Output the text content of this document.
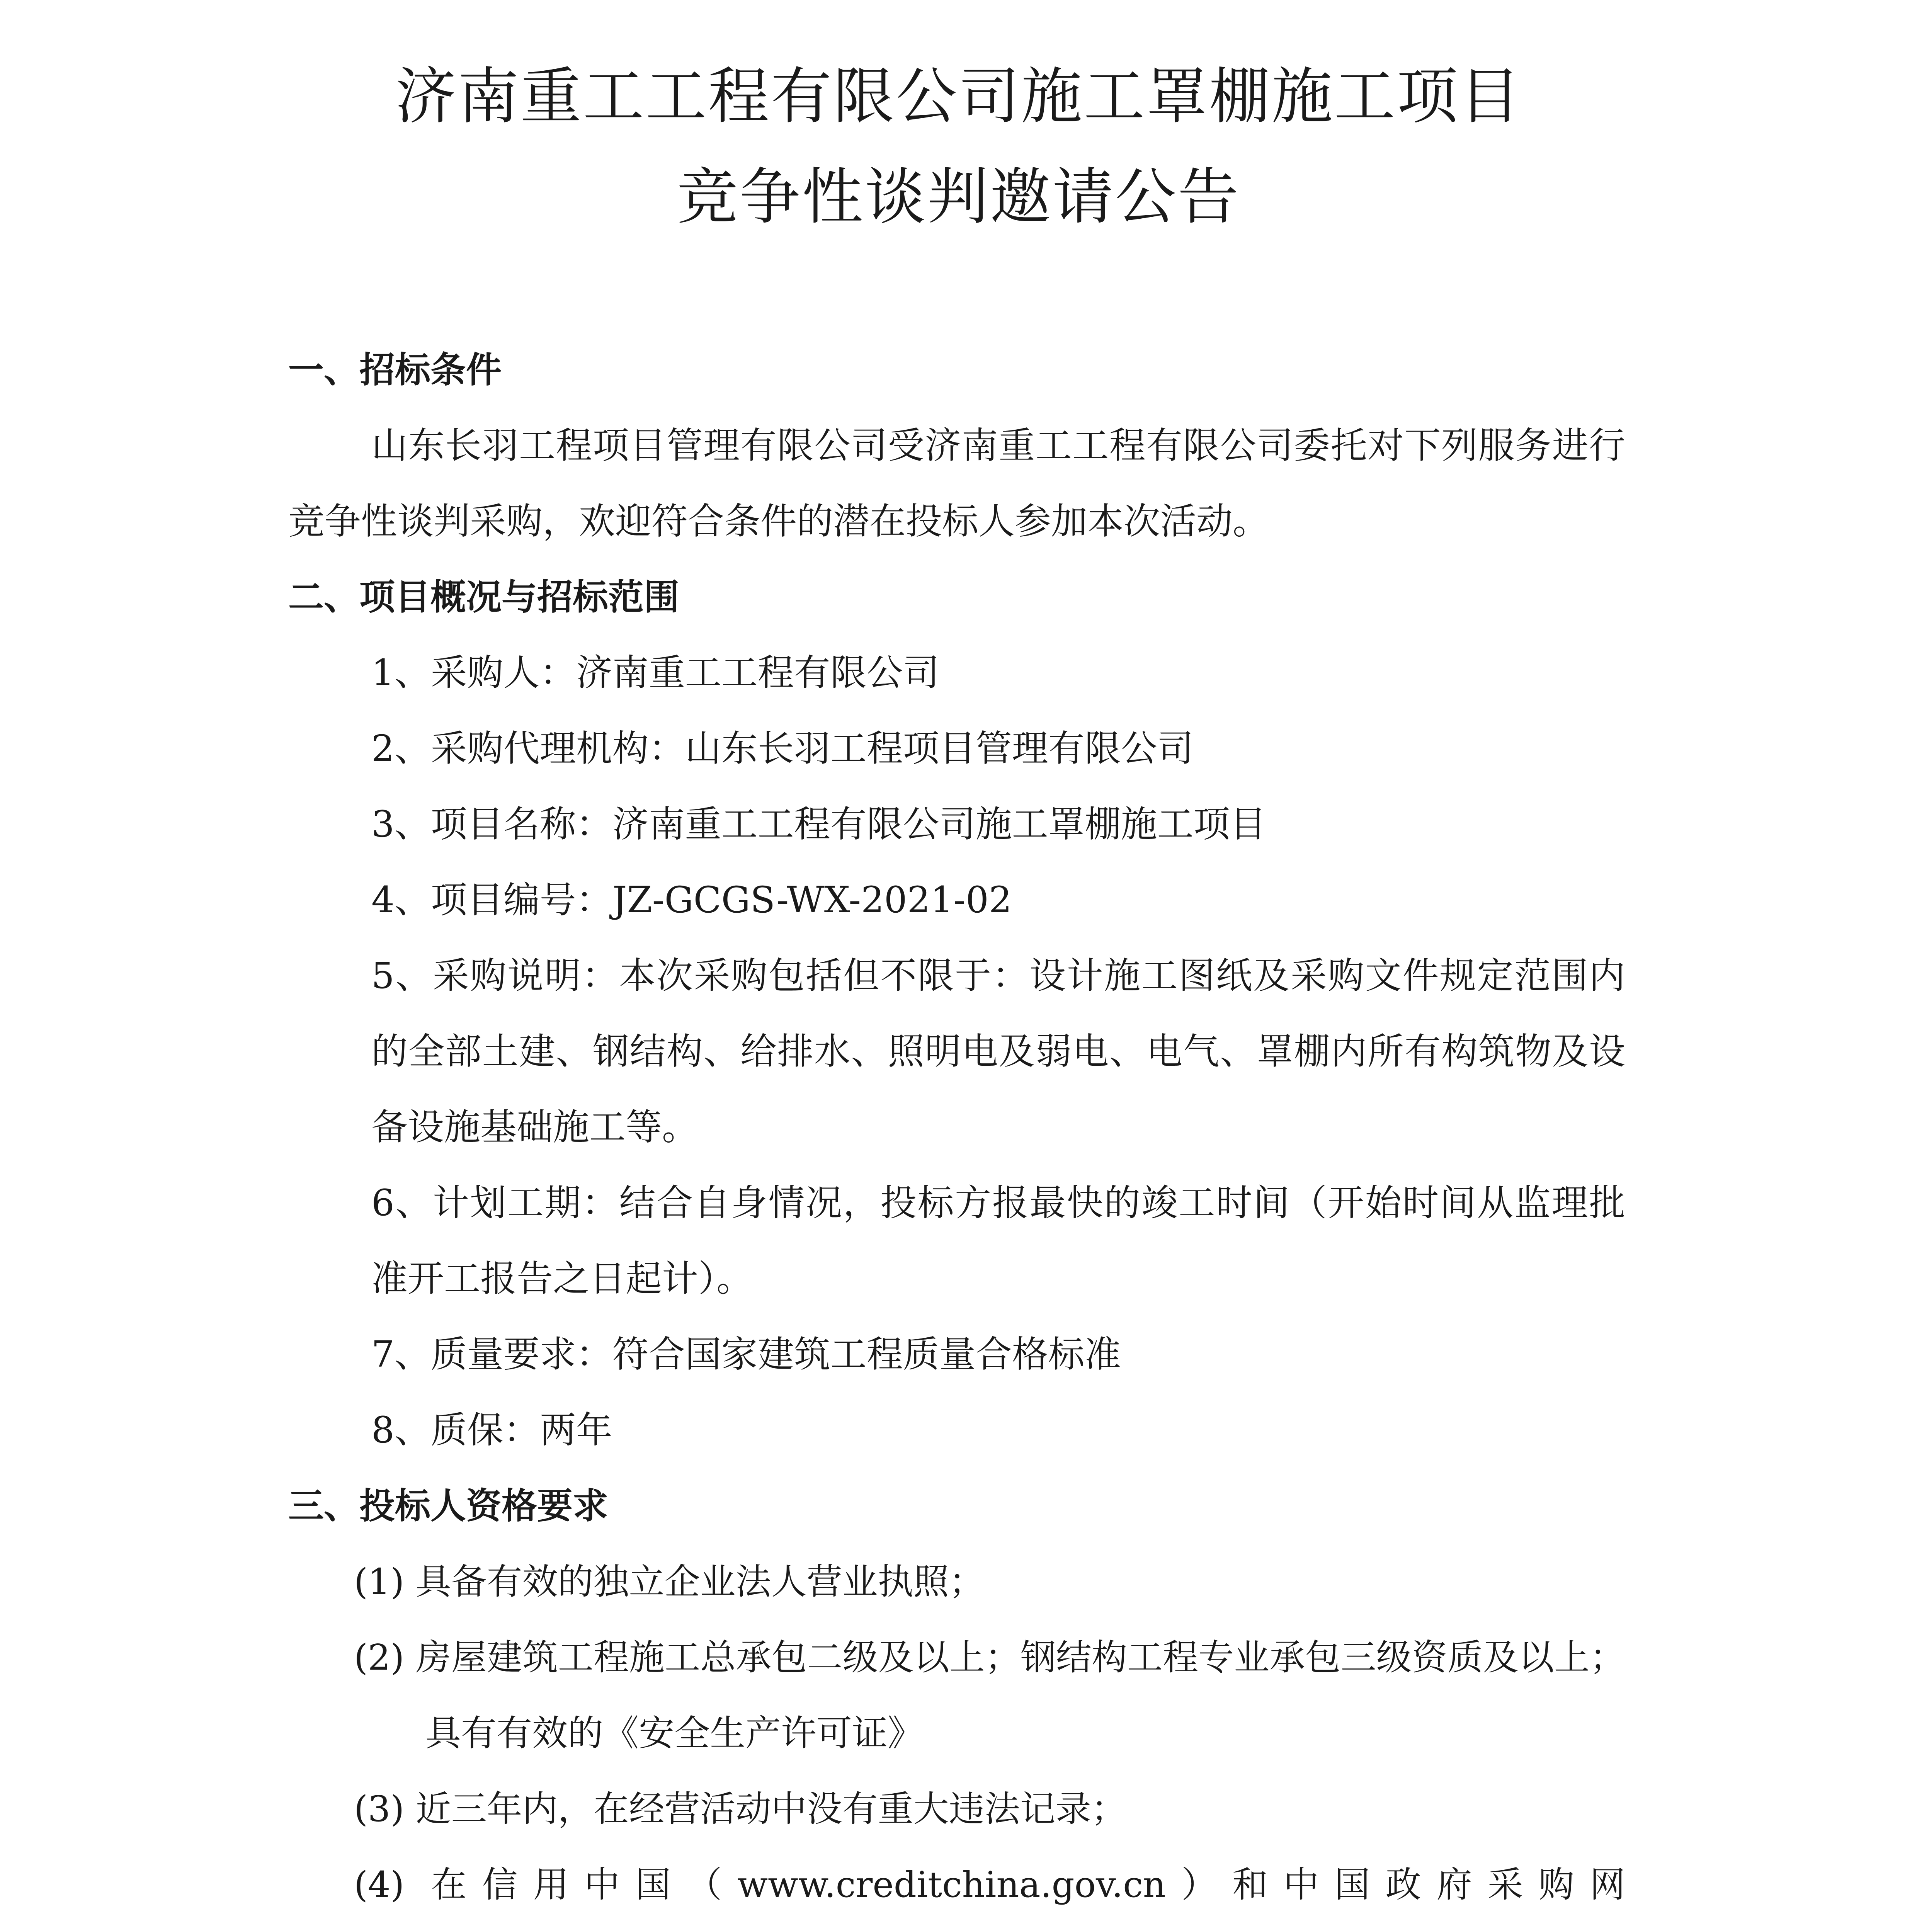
济南重工工程有限公司施工罩棚施工项目
竞争性谈判邀请公告
一、招标条件
山东长羽工程项目管理有限公司受济南重工工程有限公司委托对下列服务进行竞争性谈判采购，欢迎符合条件的潜在投标人参加本次活动。
二、项目概况与招标范围
1、采购人：济南重工工程有限公司
2、采购代理机构：山东长羽工程项目管理有限公司
3、项目名称：济南重工工程有限公司施工罩棚施工项目
4、项目编号：JZ-GCGS-WX-2021-02
5、采购说明：本次采购包括但不限于：设计施工图纸及采购文件规定范围内的全部土建、钢结构、给排水、照明电及弱电、电气、罩棚内所有构筑物及设备设施基础施工等。
6、计划工期：结合自身情况，投标方报最快的竣工时间（开始时间从监理批准开工报告之日起计）。
7、质量要求：符合国家建筑工程质量合格标准
8、质保：两年
三、投标人资格要求
(1) 具备有效的独立企业法人营业执照；
(2) 房屋建筑工程施工总承包二级及以上；钢结构工程专业承包三级资质及以上；具有有效的《安全生产许可证》
(3) 近三年内，在经营活动中没有重大违法记录；
(4) 在信用中国（www.creditchina.gov.cn）和中国政府采购网
